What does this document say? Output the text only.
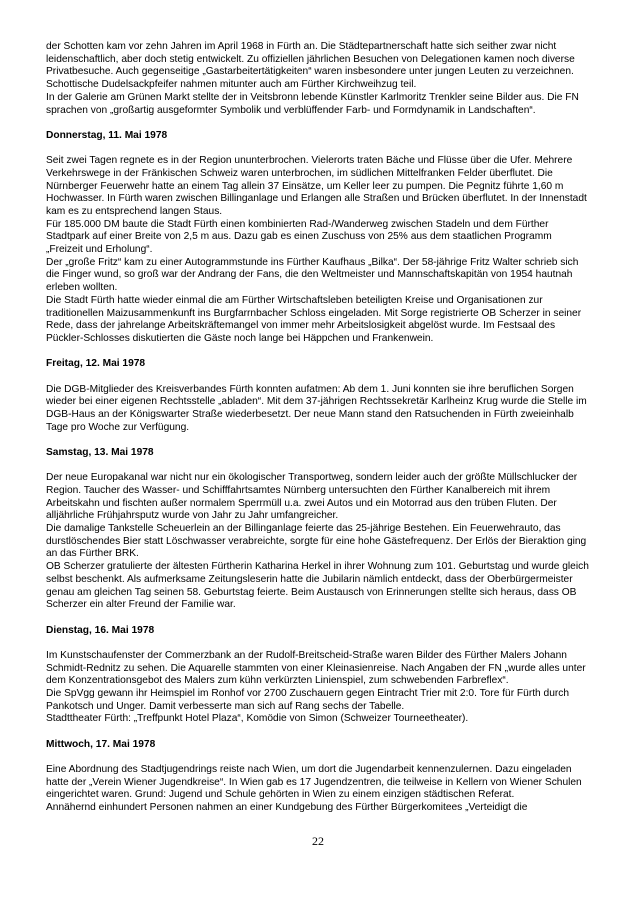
der Schotten kam vor zehn Jahren im April 1968 in Fürth an. Die Städtepartnerschaft hatte sich seither zwar nicht leidenschaftlich, aber doch stetig entwickelt. Zu offiziellen jährlichen Besuchen von Delegationen kamen noch diverse Privatbesuche. Auch gegenseitige „Gastarbeitertätigkeiten“ waren insbesondere unter jungen Leuten zu verzeichnen. Schottische Dudelsackpfeifer nahmen mitunter auch am Fürther Kirchweihzug teil.

In der Galerie am Grünen Markt stellte der in Veitsbronn lebende Künstler Karlmoritz Trenkler seine Bilder aus. Die FN sprachen von „großartig ausgeformter Symbolik und verblüffender Farb- und Formdynamik in Landschaften“.

Donnerstag, 11. Mai 1978

Seit zwei Tagen regnete es in der Region ununterbrochen. Vielerorts traten Bäche und Flüsse über die Ufer. Mehrere Verkehrswege in der Fränkischen Schweiz waren unterbrochen, im südlichen Mittelfranken Felder überflutet. Die Nürnberger Feuerwehr hatte an einem Tag allein 37 Einsätze, um Keller leer zu pumpen. Die Pegnitz führte 1,60 m Hochwasser. In Fürth waren zwischen Billinganlage und Erlangen alle Straßen und Brücken überflutet. In der Innenstadt kam es zu entsprechend langen Staus.

Für 185.000 DM baute die Stadt Fürth einen kombinierten Rad-/Wanderweg zwischen Stadeln und dem Fürther Stadtpark auf einer Breite von 2,5 m aus. Dazu gab es einen Zuschuss von 25% aus dem staatlichen Programm „Freizeit und Erholung“.

Der „große Fritz“ kam zu einer Autogrammstunde ins Fürther Kaufhaus „Bilka“. Der 58-jährige Fritz Walter schrieb sich die Finger wund, so groß war der Andrang der Fans, die den Weltmeister und Mannschaftskapitän von 1954 hautnah erleben wollten.

Die Stadt Fürth hatte wieder einmal die am Fürther Wirtschaftsleben beteiligten Kreise und Organisationen zur traditionellen Maizusammenkunft ins Burgfarrnbacher Schloss eingeladen. Mit Sorge registrierte OB Scherzer in seiner Rede, dass der jahrelange Arbeitskräftemangel von immer mehr Arbeitslosigkeit abgelöst wurde. Im Festsaal des Pückler-Schlosses diskutierten die Gäste noch lange bei Häppchen und Frankenwein.

Freitag, 12. Mai 1978

Die DGB-Mitglieder des Kreisverbandes Fürth konnten aufatmen: Ab dem 1. Juni konnten sie ihre beruflichen Sorgen wieder bei einer eigenen Rechtsstelle „abladen“. Mit dem 37-jährigen Rechtssekretär Karlheinz Krug wurde die Stelle im DGB-Haus an der Königswarter Straße wiederbesetzt. Der neue Mann stand den Ratsuchenden in Fürth zweieinhalb Tage pro Woche zur Verfügung.

Samstag, 13. Mai 1978

Der neue Europakanal war nicht nur ein ökologischer Transportweg, sondern leider auch der größte Müllschlucker der Region. Taucher des Wasser- und Schifffahrtsamtes Nürnberg untersuchten den Fürther Kanalbereich mit ihrem Arbeitskahn und fischten außer normalem Sperrmüll u.a. zwei Autos und ein Motorrad aus den trüben Fluten. Der alljährliche Frühjahrsputz wurde von Jahr zu Jahr umfangreicher.

Die damalige Tankstelle Scheuerlein an der Billinganlage feierte das 25-jährige Bestehen. Ein Feuerwehrauto, das durstlöschendes Bier statt Löschwasser verabreichte, sorgte für eine hohe Gästefrequenz. Der Erlös der Bieraktion ging an das Fürther BRK.

OB Scherzer gratulierte der ältesten Fürtherin Katharina Herkel in ihrer Wohnung zum 101. Geburtstag und wurde gleich selbst beschenkt. Als aufmerksame Zeitungsleserin hatte die Jubilarin nämlich entdeckt, dass der Oberbürgermeister genau am gleichen Tag seinen 58. Geburtstag feierte. Beim Austausch von Erinnerungen stellte sich heraus, dass OB Scherzer ein alter Freund der Familie war.

Dienstag, 16. Mai 1978

Im Kunstschaufenster der Commerzbank an der Rudolf-Breitscheid-Straße waren Bilder des Fürther Malers Johann Schmidt-Rednitz zu sehen. Die Aquarelle stammten von einer Kleinasienreise. Nach Angaben der FN „wurde alles unter dem Konzentrationsgebot des Malers zum kühn verkürzten Linienspiel, zum schwebenden Farbreflex“.

Die SpVgg gewann ihr Heimspiel im Ronhof vor 2700 Zuschauern gegen Eintracht Trier mit 2:0. Tore für Fürth durch Pankotsch und Unger. Damit verbesserte man sich auf Rang sechs der Tabelle.

Stadttheater Fürth: „Treffpunkt Hotel Plaza“, Komödie von Simon (Schweizer Tourneetheater).

Mittwoch, 17. Mai 1978

Eine Abordnung des Stadtjugendrings reiste nach Wien, um dort die Jugendarbeit kennenzulernen. Dazu eingeladen hatte der „Verein Wiener Jugendkreise“. In Wien gab es 17 Jugendzentren, die teilweise in Kellern von Wiener Schulen eingerichtet waren. Grund: Jugend und Schule gehörten in Wien zu einem einzigen städtischen Referat.

Annähernd einhundert Personen nahmen an einer Kundgebung des Fürther Bürgerkomitees „Verteidigt die

22
